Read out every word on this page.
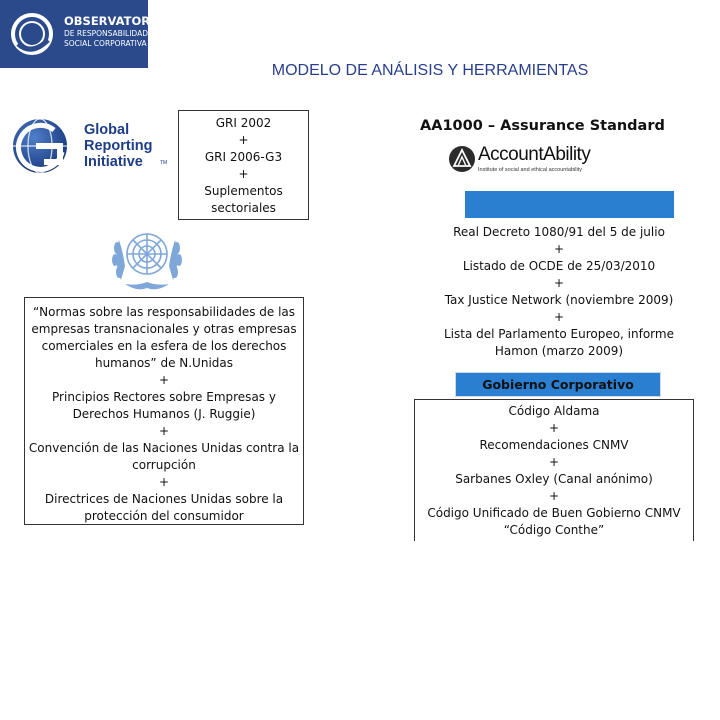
OBSERVATORIO
DE RESPONSABILIDAD
SOCIAL CORPORATIVA
MODELO DE ANÁLISIS Y HERRAMIENTAS
Global
Reporting
Initiative	TM
GRI 2002
+
GRI 2006-G3
+
Suplementos
sectoriales
AA1000 – Assurance Standard
AccountAbility
Institute of social and ethical accountability
Real Decreto 1080/91 del 5 de julio
+
Listado de OCDE de 25/03/2010
+
Tax Justice Network (noviembre 2009)
+
Lista del Parlamento Europeo, informe
Hamon (marzo 2009)
“Normas sobre las responsabilidades de las
empresas transnacionales y otras empresas
comerciales en la esfera de los derechos
humanos” de N.Unidas
+
Principios Rectores sobre Empresas y
Derechos Humanos (J. Ruggie)
+
Convención de las Naciones Unidas contra la
corrupción
+
Directrices de Naciones Unidas sobre la
protección del consumidor
Gobierno Corporativo
Código Aldama
+
Recomendaciones CNMV
+
Sarbanes Oxley (Canal anónimo)
+
Código Unificado de Buen Gobierno CNMV
“Código Conthe”
